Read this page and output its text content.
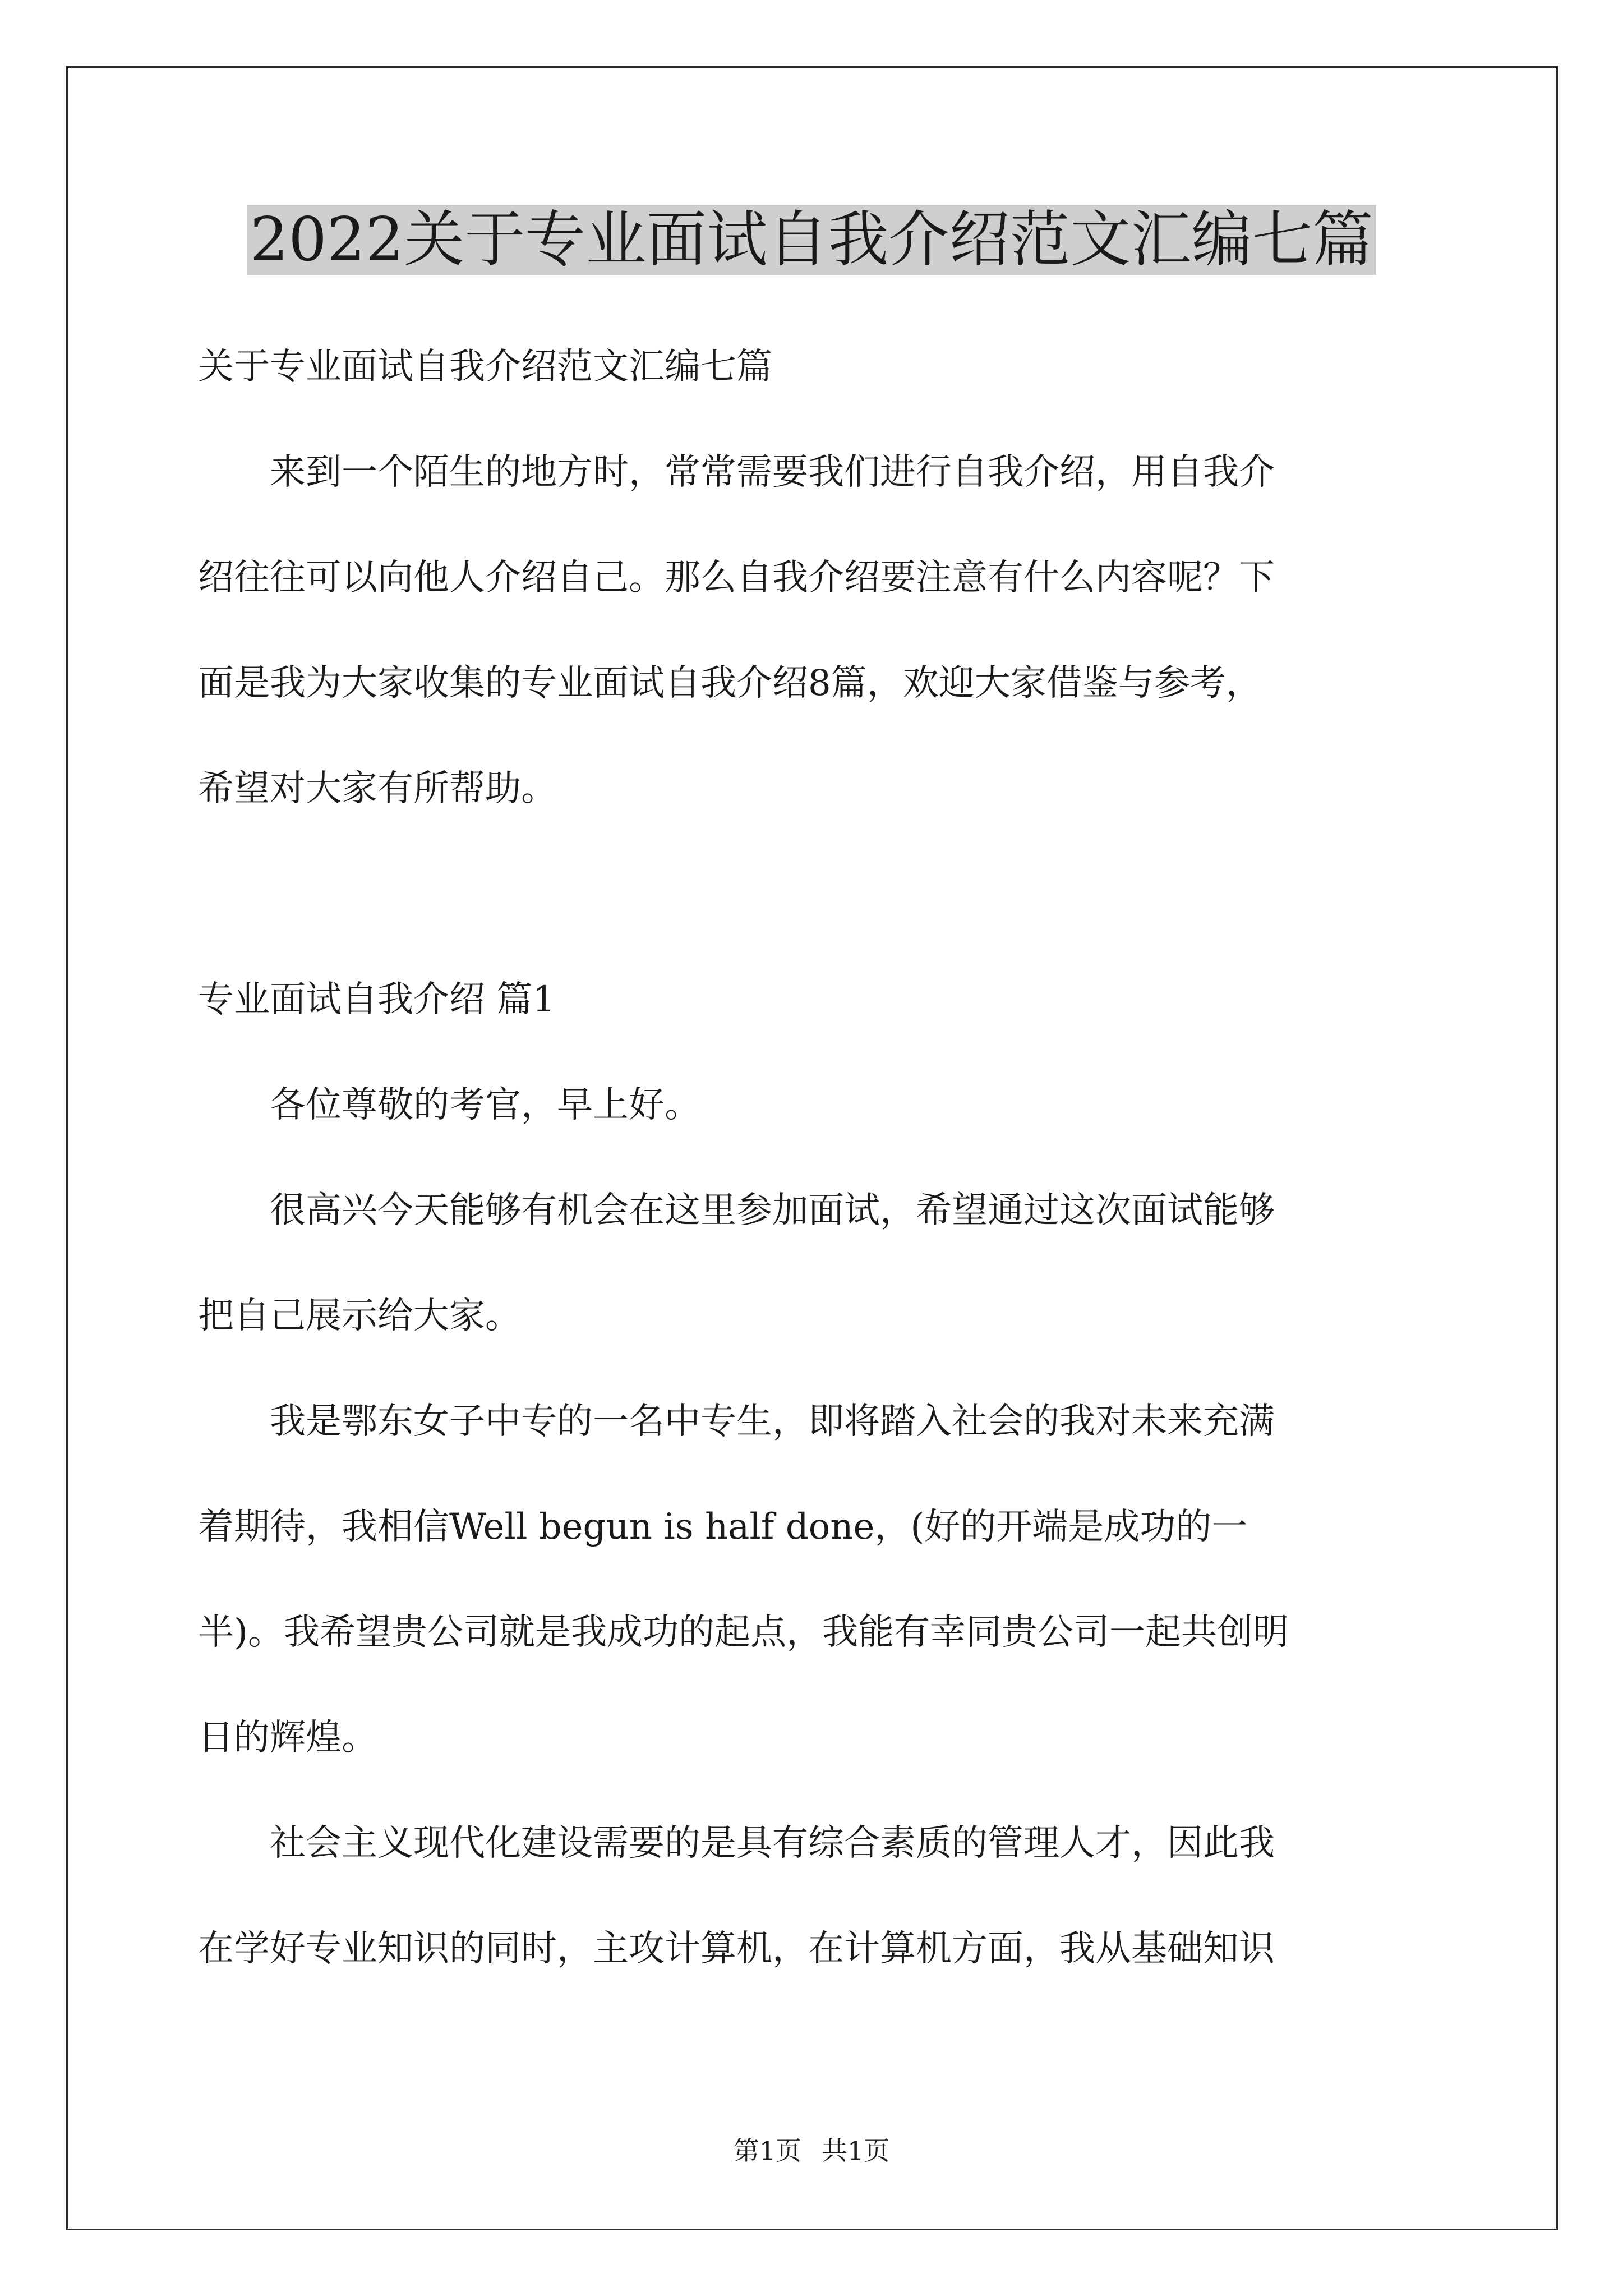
2022关于专业面试自我介绍范文汇编七篇

关于专业面试自我介绍范文汇编七篇

来到一个陌生的地方时，常常需要我们进行自我介绍，用自我介

绍往往可以向他人介绍自己。那么自我介绍要注意有什么内容呢？下

面是我为大家收集的专业面试自我介绍8篇，欢迎大家借鉴与参考，

希望对大家有所帮助。

专业面试自我介绍 篇1

各位尊敬的考官，早上好。

很高兴今天能够有机会在这里参加面试，希望通过这次面试能够

把自己展示给大家。

我是鄂东女子中专的一名中专生，即将踏入社会的我对未来充满

着期待，我相信Well begun is half done，(好的开端是成功的一

半)。我希望贵公司就是我成功的起点，我能有幸同贵公司一起共创明

日的辉煌。

社会主义现代化建设需要的是具有综合素质的管理人才，因此我

在学好专业知识的同时，主攻计算机，在计算机方面，我从基础知识

第1页 共1页
